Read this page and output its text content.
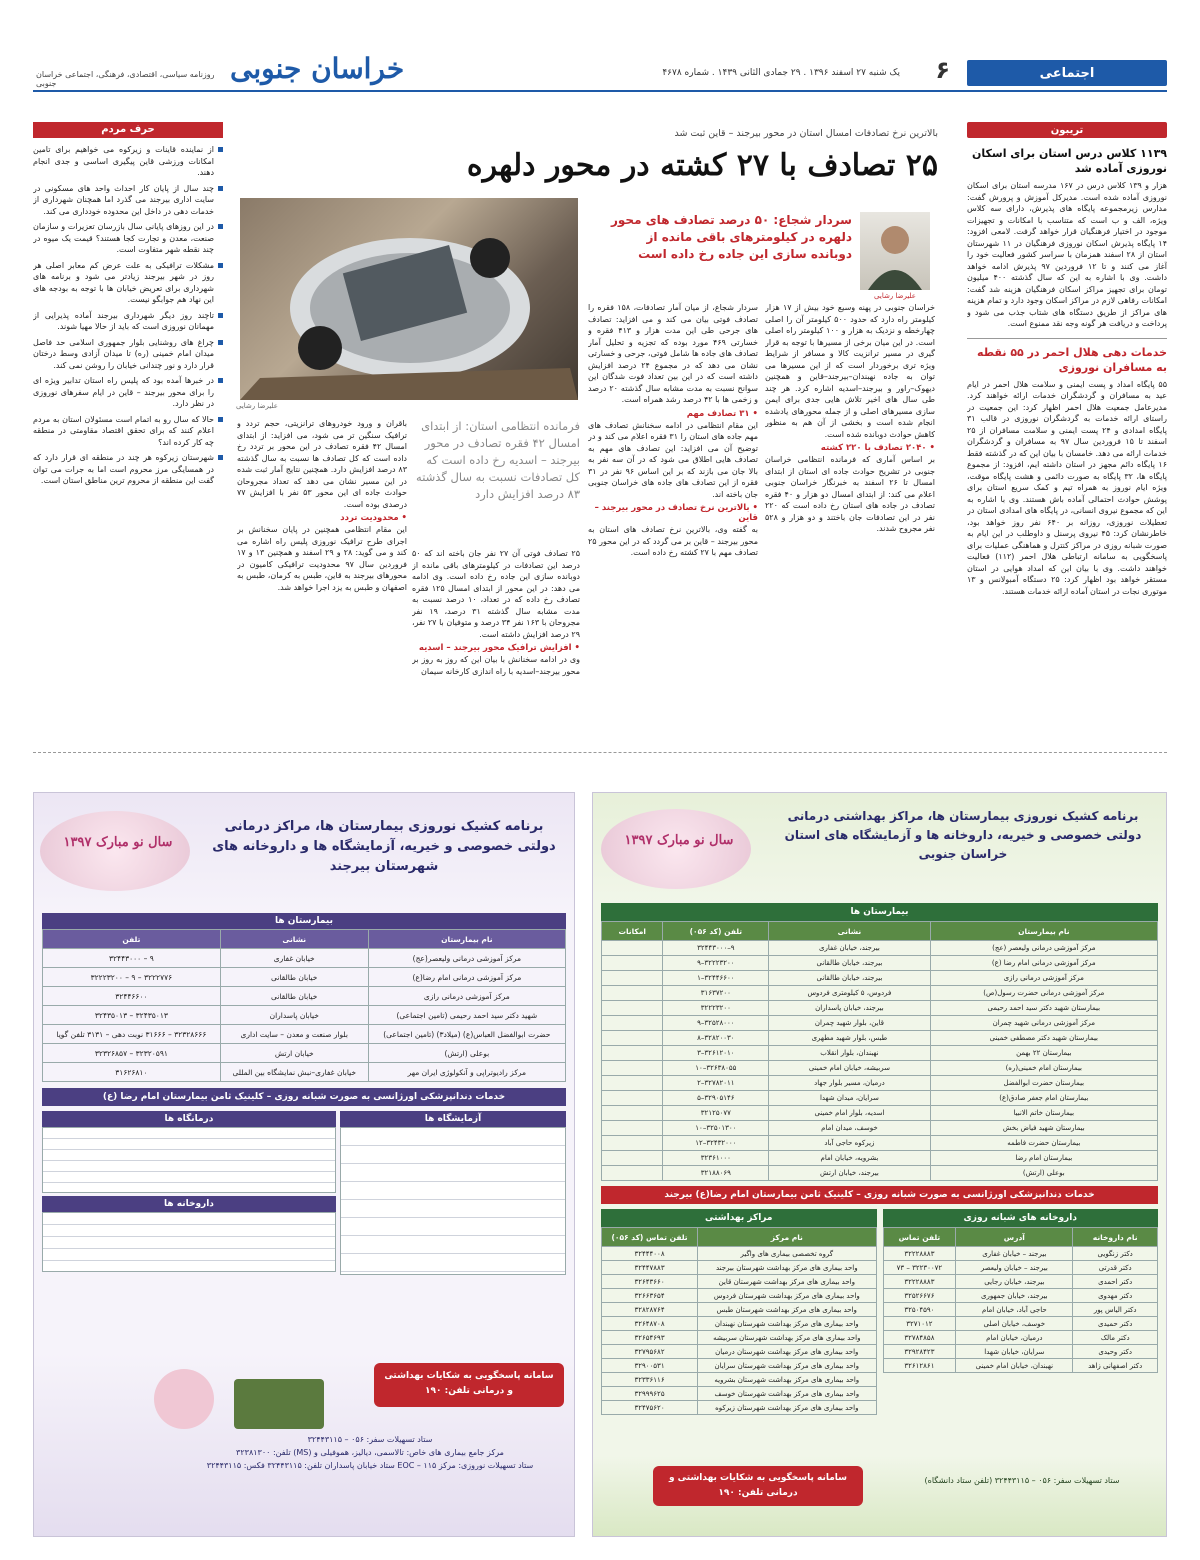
اجتماعی
۶
یک شنبه ۲۷ اسفند ۱۳۹۶ . ۲۹ جمادی الثانی ۱۴۳۹ . شماره ۴۶۷۸
خراسان جنوبی
روزنامه سیاسی، اقتصادی، فرهنگی، اجتماعی خراسان جنوبی
تریبون
۱۱۳۹ کلاس درس استان برای اسکان نوروزی آماده شد
هزار و ۱۳۹ کلاس درس در ۱۶۷ مدرسه استان برای اسکان نوروزی آماده شده است. مدیرکل آموزش و پرورش گفت: مدارس زیرمجموعه پایگاه های پذیرش، دارای سه کلاس ویژه، الف و ب است که متناسب با امکانات و تجهیزات موجود در اختیار فرهنگیان قرار خواهد گرفت. لامعی افزود: ۱۴ پایگاه پذیرش اسکان نوروزی فرهنگیان در ۱۱ شهرستان استان از ۲۸ اسفند همزمان با سراسر کشور فعالیت خود را آغاز می کنند و تا ۱۲ فروردین ۹۷ پذیرش ادامه خواهد داشت. وی با اشاره به این که سال گذشته ۴۰۰ میلیون تومان برای تجهیز مراکز اسکان فرهنگیان هزینه شد گفت: امکانات رفاهی لازم در مراکز اسکان وجود دارد و تمام هزینه های مراکز از طریق دستگاه های شتاب جذب می شود و پرداخت و دریافت هر گونه وجه نقد ممنوع است.
خدمات دهی هلال احمر در ۵۵ نقطه به مسافران نوروزی
۵۵ پایگاه امداد و پست ایمنی و سلامت هلال احمر در ایام عید به مسافران و گردشگران خدمات ارائه خواهند کرد. مدیرعامل جمعیت هلال احمر اظهار کرد: این جمعیت در راستای ارائه خدمات به گردشگران نوروزی در قالب ۳۱ پایگاه امدادی و ۲۴ پست ایمنی و سلامت مسافران از ۲۵ اسفند تا ۱۵ فروردین سال ۹۷ به مسافران و گردشگران خدمات ارائه می دهد. خامسان با بیان این که در گذشته فقط ۱۶ پایگاه دائم مجهز در استان داشته ایم، افزود: از مجموع پایگاه ها، ۳۲ پایگاه به صورت دائمی و هشت پایگاه موقت، ویژه ایام نوروز به همراه تیم و کمک سریع استان برای پوشش حوادث احتمالی آماده باش هستند. وی با اشاره به این که مجموع نیروی انسانی، در پایگاه های امدادی استان در تعطیلات نوروزی، روزانه بر ۶۴۰ نفر روز خواهد بود، خاطرنشان کرد: ۴۵ نیروی پرسنل و داوطلب در این ایام به صورت شبانه روزی در مراکز کنترل و هماهنگی عملیات برای پاسخگویی به سامانه ارتباطی هلال احمر (۱۱۲) فعالیت خواهند داشت. وی با بیان این که امداد هوایی در استان مستقر خواهد بود اظهار کرد: ۲۵ دستگاه آمبولانس و ۱۳ موتوری نجات در استان آماده ارائه خدمات هستند.
بالاترین نرخ تصادفات امسال استان در محور بیرجند – قاین ثبت شد
۲۵ تصادف با ۲۷ کشته در محور دلهره
علیرضا رشایی
علیرضا رشایی
سردار شجاع: ۵۰ درصد تصادف های محور دلهره در کیلومترهای باقی مانده از دوبانده سازی این جاده رخ داده است
خراسان جنوبی در پهنه وسیع خود بیش از ۱۷ هزار کیلومتر راه دارد که حدود ۵۰۰ کیلومتر آن را اصلی چهارخطه و نزدیک به هزار و ۱۰۰ کیلومتر راه اصلی است. در این میان برخی از مسیرها با توجه به قرار گیری در مسیر ترانزیت کالا و مسافر از شرایط ویژه تری برخوردار است که از این مسیرها می توان به جاده نهبندان–بیرجند–قاین و همچنین دیهوک–راور و بیرجند–اسدیه اشاره کرد. هر چند طی سال های اخیر تلاش هایی جدی برای ایمن سازی مسیرهای اصلی و از جمله محورهای یادشده انجام شده است و بخشی از آن هم به منظور کاهش حوادث دوبانده شده است.
• ۲۰۴۰ تصادف با ۲۲۰ کشته
بر اساس آماری که فرمانده انتظامی خراسان جنوبی در تشریح حوادث جاده ای استان از ابتدای امسال تا ۲۶ اسفند به خبرنگار خراسان جنوبی اعلام می کند: از ابتدای امسال دو هزار و ۴۰ فقره تصادف در جاده های استان رخ داده است که ۲۲۰ نفر در این تصادفات جان باختند و دو هزار و ۵۲۸ نفر مجروح شدند.
سردار شجاع، از میان آمار تصادفات، ۱۵۸ فقره را تصادف فوتی بیان می کند و می افزاید: تصادف های جرحی طی این مدت هزار و ۴۱۳ فقره و خسارتی ۴۶۹ مورد بوده که تجزیه و تحلیل آمار تصادف های جاده ها شامل فوتی، جرحی و خسارتی نشان می دهد که در مجموع ۲۴ درصد افزایش داشته است که در این بین تعداد فوت شدگان این سوانح نسبت به مدت مشابه سال گذشته ۲۰ درصد و زخمی ها با ۴۲ درصد رشد همراه است.
• ۳۱ تصادف مهم
این مقام انتظامی در ادامه سخنانش تصادف های مهم جاده های استان را ۳۱ فقره اعلام می کند و در توضیح آن می افزاید: این تصادف های مهم به تصادف هایی اطلاق می شود که در آن سه نفر به بالا جان می بازند که بر این اساس ۹۶ نفر در ۳۱ فقره از این تصادف های جاده های خراسان جنوبی جان باخته اند.
• بالاترین نرخ تصادف در محور بیرجند – قاین
به گفته وی، بالاترین نرخ تصادف های استان به محور بیرجند – قاین بر می گردد که در این محور ۲۵ تصادف مهم با ۲۷ کشته رخ داده است.
۲۵ تصادف فوتی آن ۲۷ نفر جان باخته اند که ۵۰ درصد این تصادفات در کیلومترهای باقی مانده از دوبانده سازی این جاده رخ داده است. وی ادامه می دهد: در این محور از ابتدای امسال ۱۲۵ فقره تصادف رخ داده که در تعداد، ۱۰ درصد نسبت به مدت مشابه سال گذشته ۳۱ درصد، ۱۹ نفر مجروحان با ۱۶۳ نفر ۳۴ درصد و متوفیان با ۲۷ نفر، ۲۹ درصد افزایش داشته است.
• افزایش ترافیک محور بیرجند – اسدیه
وی در ادامه سخنانش با بیان این که روز به روز بر محور بیرجند–اسدیه با راه اندازی کارخانه سیمان
فرمانده انتظامی استان: از ابتدای امسال ۴۲ فقره تصادف در محور بیرجند – اسدیه رخ داده است که کل تصادفات نسبت به سال گذشته ۸۳ درصد افزایش دارد
باقران و ورود خودروهای ترانزیتی، حجم تردد و ترافیک سنگین تر می شود، می افزاید: از ابتدای امسال ۴۲ فقره تصادف در این محور بر تردد رخ داده است که کل تصادف ها نسبت به سال گذشته ۸۳ درصد افزایش دارد. همچنین نتایج آمار ثبت شده در این مسیر نشان می دهد که تعداد مجروحان حوادث جاده ای این محور ۵۳ نفر با افزایش ۷۷ درصدی بوده است.
• محدودیت تردد
این مقام انتظامی همچنین در پایان سخنانش بر اجرای طرح ترافیک نوروزی پلیس راه اشاره می کند و می گوید: ۲۸ و ۲۹ اسفند و همچنین ۱۳ و ۱۷ فروردین سال ۹۷ محدودیت ترافیکی کامیون در محورهای بیرجند به قاین، طبس به کرمان، طبس به اصفهان و طبس به یزد اجرا خواهد شد.
حرف مردم
از نماینده قاینات و زیرکوه می خواهیم برای تامین امکانات ورزشی قاین پیگیری اساسی و جدی انجام دهند.
چند سال از پایان کار احداث واحد های مسکونی در سایت اداری بیرجند می گذرد اما همچنان شهرداری از خدمات دهی در داخل این محدوده خودداری می کند.
در این روزهای پایانی سال بازرسان تعزیرات و سازمان صنعت، معدن و تجارت کجا هستند؟ قیمت یک میوه در چند نقطه شهر متفاوت است.
مشکلات ترافیکی به علت عرض کم معابر اصلی هر روز در شهر بیرجند زیادتر می شود و برنامه های شهرداری برای تعریض خیابان ها با توجه به بودجه های این نهاد هم جوابگو نیست.
تاچند روز دیگر شهرداری بیرجند آماده پذیرایی از مهمانان نوروزی است که باید از حالا مهیا شوند.
چراغ های روشنایی بلوار جمهوری اسلامی حد فاصل میدان امام خمینی (ره) تا میدان آزادی وسط درختان قرار دارد و نور چندانی خیابان را روشن نمی کند.
در خبرها آمده بود که پلیس راه استان تدابیر ویژه ای را برای محور بیرجند – قاین در ایام سفرهای نوروزی در نظر دارد.
حالا که سال رو به اتمام است مسئولان استان به مردم اعلام کنند که برای تحقق اقتصاد مقاومتی در منطقه چه کار کرده اند؟
شهرستان زیرکوه هر چند در منطقه ای قرار دارد که در همسایگی مرز محروم است اما به جرات می توان گفت این منطقه از محروم ترین مناطق استان است.
سال نو مبارک ۱۳۹۷
برنامه کشیک نوروزی بیمارستان ها، مراکز درمانی دولتی خصوصی و خیریه، آزمایشگاه ها و داروخانه های شهرستان بیرجند
بیمارستان ها
نام بیمارستان	نشانی	تلفن
مرکز آموزشی درمانی ولیعصر(عج)	خیابان غفاری	۹ – ۳۲۴۴۳۰۰۰
مرکز آموزشی درمانی امام رضا(ع)	خیابان طالقانی	۳۲۲۲۷۷۶ – ۹ – ۳۲۲۲۳۲۰۰
مرکز آموزشی درمانی رازی	خیابان طالقانی	۳۲۴۴۶۶۰۰
شهید دکتر سید احمد رحیمی (تامین اجتماعی)	خیابان پاسداران	۳۲۴۳۵۰۱۳ – ۳۲۴۳۵۰۱۳
حضرت ابوالفضل العباس(ع) (میلاد۳) (تامین اجتماعی)	بلوار صنعت و معدن – سایت اداری	۳۲۳۲۸۶۶۶ – ۳۱۶۶۶ نوبت دهی – ۳۱۳۱ تلفن گویا
بوعلی (ارتش)	خیابان ارتش	۳۲۳۲۰۵۹۱ – ۳۲۳۲۶۸۵۷
مرکز رادیوتراپی و آنکولوژی ایران مهر	خیابان غفاری–نبش نمایشگاه بین المللی	۳۱۶۲۶۸۱۰
خدمات دندانپزشکی اورژانسی به صورت شبانه روزی – کلینیک ثامن بیمارستان امام رضا (ع)
آزمایشگاه ها
درمانگاه ها
داروخانه ها
سامانه پاسخگویی به شکایات بهداشتی و درمانی تلفن: ۱۹۰
ستاد تسهیلات سفر: ۰۵۶ – ۳۲۴۴۳۱۱۵
مرکز جامع بیماری های خاص: تالاسمی، دیالیز، هموفیلی و (MS) تلفن: ۳۲۳۸۱۳۰۰
ستاد تسهیلات نوروزی: مرکز ۱۱۵ – EOC ستاد خیابان پاسداران تلفن: ۳۲۴۴۳۱۱۵ فکس: ۳۲۴۴۳۱۱۵
سال نو مبارک ۱۳۹۷
برنامه کشیک نوروزی بیمارستان ها، مراکز بهداشتی درمانی دولتی خصوصی و خیریه، داروخانه ها و آزمایشگاه های استان خراسان جنوبی
بیمارستان ها
نام بیمارستان	نشانی	تلفن (کد ۰۵۶)	امکانات
مرکز آموزشی درمانی ولیعصر (عج)	بیرجند، خیابان غفاری	۹–۳۲۴۴۳۰۰۰	
مرکز آموزشی درمانی امام رضا (ع)	بیرجند، خیابان طالقانی	۳۲۲۲۳۲۰۰–۹	
مرکز آموزشی درمانی رازی	بیرجند، خیابان طالقانی	۳۲۴۴۶۶۰۰–۱	
مرکز آموزشی درمانی حضرت رسول(ص)	فردوس، ۵ کیلومتری فردوس	۳۱۶۳۷۲۰۰	
بیمارستان شهید دکتر سید احمد رحیمی	بیرجند، خیابان پاسداران	۳۲۲۲۳۲۰۰	
مرکز آموزشی درمانی شهید چمران	قاین، بلوار شهید چمران	۳۲۵۲۸۰۰۰–۹	
بیمارستان شهید دکتر مصطفی خمینی	طبس، بلوار شهید مطهری	۳۲۸۲۰۰۳۰–۸	
بیمارستان ۲۲ بهمن	نهبندان، بلوار انقلاب	۳۲۶۱۲۰۱۰–۳	
بیمارستان امام خمینی(ره)	سربیشه، خیابان امام خمینی	۳۲۶۳۸۰۵۵–۱۰	
بیمارستان حضرت ابوالفضل	درمیان، مسیر بلوار جهاد	۳۲۷۸۲۰۱۱–۲	
بیمارستان امام جعفر صادق(ع)	سرایان، میدان شهدا	۳۲۹۰۵۱۴۶–۵	
بیمارستان خاتم الانبیا	اسدیه، بلوار امام خمینی	۳۲۱۲۵۰۷۷	
بیمارستان شهید فیاض بخش	خوسف، میدان امام	۳۲۵۰۱۳۰۰–۱۰	
بیمارستان حضرت فاطمه	زیرکوه حاجی آباد	۳۲۴۳۲۰۰۰–۱۲	
بیمارستان امام رضا	بشرویه، خیابان امام	۳۲۳۶۱۰۰۰	
بوعلی (ارتش)	بیرجند، خیابان ارتش	۳۲۱۸۸۰۶۹	
خدمات دندانپزشکی اورژانسی به صورت شبانه روزی – کلینیک ثامن بیمارستان امام رضا(ع) بیرجند
داروخانه های شبانه روزی
نام داروخانه	آدرس	تلفن تماس
دکتر زنگویی	بیرجند – خیابان غفاری	۳۲۲۲۸۸۸۳
دکتر قدرتی	بیرجند – خیابان ولیعصر	۳۲۲۳۰۰۷۲ – ۷۳
دکتر احمدی	بیرجند، خیابان رجایی	۳۲۲۲۸۸۸۳
دکتر مهدوی	بیرجند، خیابان جمهوری	۳۲۵۲۶۶۷۶
دکتر الیاس پور	حاجی آباد، خیابان امام	۳۲۵۰۴۵۹۰
دکتر حمیدی	خوسف، خیابان اصلی	۳۲۷۱۰۱۲
دکتر مالک	درمیان، خیابان امام	۳۲۷۸۴۸۵۸
دکتر وحیدی	سرایان، خیابان شهدا	۳۲۹۲۸۴۲۳
دکتر اصفهانی زاهد	نهبندان، خیابان امام خمینی	۳۲۶۱۲۸۶۱
مراکز بهداشتی
نام مرکز	تلفن تماس (کد ۰۵۶)
گروه تخصصی بیماری های واگیر	۳۲۴۴۴۰۰۸
واحد بیماری های مرکز بهداشت شهرستان بیرجند	۳۲۴۴۷۸۸۳
واحد بیماری های مرکز بهداشت شهرستان قاین	۳۲۶۴۳۶۶۰
واحد بیماری های مرکز بهداشت شهرستان فردوس	۳۲۶۶۳۶۵۴
واحد بیماری های مرکز بهداشت شهرستان طبس	۳۲۸۲۸۷۶۴
واحد بیماری های مرکز بهداشت شهرستان نهبندان	۳۲۶۴۸۷۰۸
واحد بیماری های مرکز بهداشت شهرستان سربیشه	۳۲۶۵۴۶۹۳
واحد بیماری های مرکز بهداشت شهرستان درمیان	۳۲۷۹۵۶۸۲
واحد بیماری های مرکز بهداشت شهرستان سرایان	۳۲۹۰۰۵۳۱
واحد بیماری های مرکز بهداشت شهرستان بشرویه	۳۲۳۳۶۱۱۶
واحد بیماری های مرکز بهداشت شهرستان خوسف	۳۲۹۹۹۶۲۵
واحد بیماری های مرکز بهداشت شهرستان زیرکوه	۳۲۴۷۵۶۲۰
سامانه پاسخگویی به شکایات بهداشتی و درمانی تلفن: ۱۹۰
ستاد تسهیلات سفر: ۰۵۶ – ۳۲۴۴۳۱۱۵ (تلفن ستاد دانشگاه)
